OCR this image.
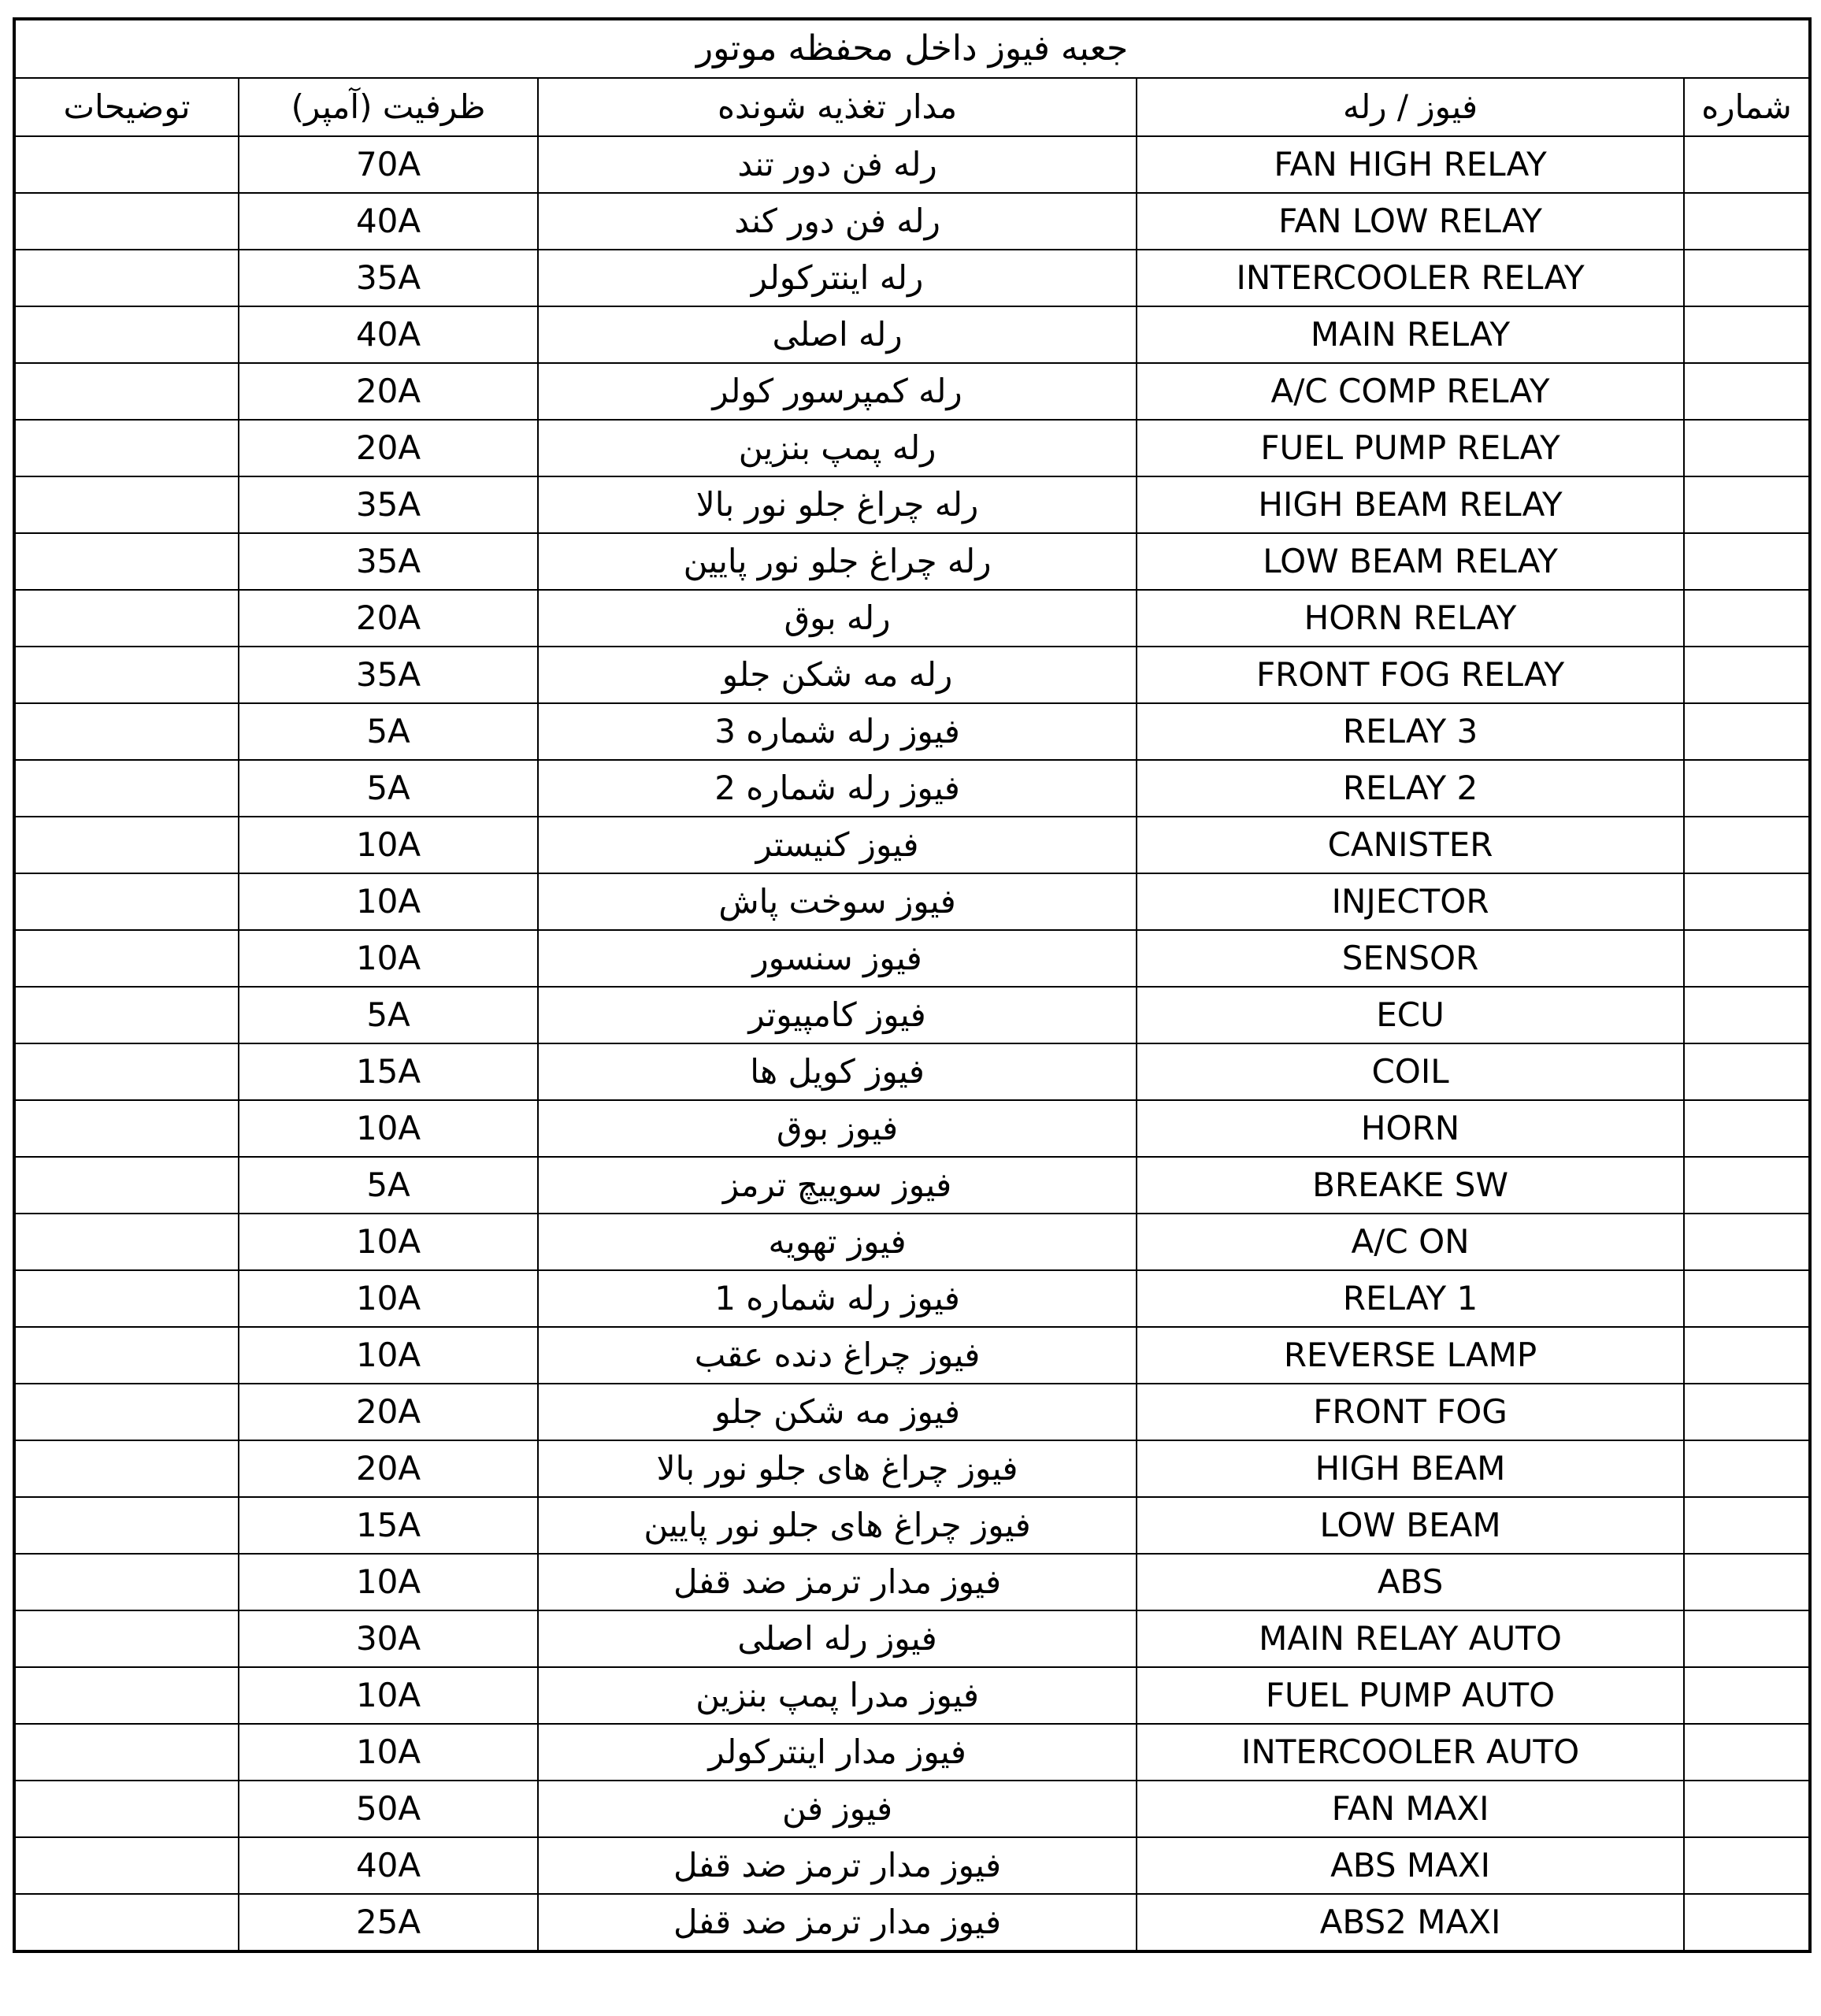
جعبه فیوز داخل محفظه موتور				
شماره	فیوز / رله	مدار تغذیه شونده	ظرفیت (آمپر)	توضیحات
	FAN HIGH RELAY	رله فن دور تند	70A	
	FAN LOW RELAY	رله فن دور کند	40A	
	INTERCOOLER RELAY	رله اینترکولر	35A	
	MAIN RELAY	رله اصلی	40A	
	A/C COMP RELAY	رله کمپرسور کولر	20A	
	FUEL PUMP RELAY	رله پمپ بنزین	20A	
	HIGH BEAM RELAY	رله چراغ جلو نور بالا	35A	
	LOW BEAM RELAY	رله چراغ جلو نور پایین	35A	
	HORN RELAY	رله بوق	20A	
	FRONT FOG RELAY	رله مه شکن جلو	35A	
	RELAY 3	فیوز رله شماره 3	5A	
	RELAY 2	فیوز رله شماره 2	5A	
	CANISTER	فیوز کنیستر	10A	
	INJECTOR	فیوز سوخت پاش	10A	
	SENSOR	فیوز سنسور	10A	
	ECU	فیوز کامپیوتر	5A	
	COIL	فیوز کویل ها	15A	
	HORN	فیوز بوق	10A	
	BREAKE SW	فیوز سوییچ ترمز	5A	
	A/C ON	فیوز تهویه	10A	
	RELAY 1	فیوز رله شماره 1	10A	
	REVERSE LAMP	فیوز چراغ دنده عقب	10A	
	FRONT FOG	فیوز مه شکن جلو	20A	
	HIGH BEAM	فیوز چراغ های جلو نور بالا	20A	
	LOW BEAM	فیوز چراغ های جلو نور پایین	15A	
	ABS	فیوز مدار ترمز ضد قفل	10A	
	MAIN RELAY AUTO	فیوز رله اصلی	30A	
	FUEL PUMP AUTO	فیوز مدرا پمپ بنزین	10A	
	INTERCOOLER AUTO	فیوز مدار اینترکولر	10A	
	FAN MAXI	فیوز فن	50A	
	ABS MAXI	فیوز مدار ترمز ضد قفل	40A	
	ABS2 MAXI	فیوز مدار ترمز ضد قفل	25A	
